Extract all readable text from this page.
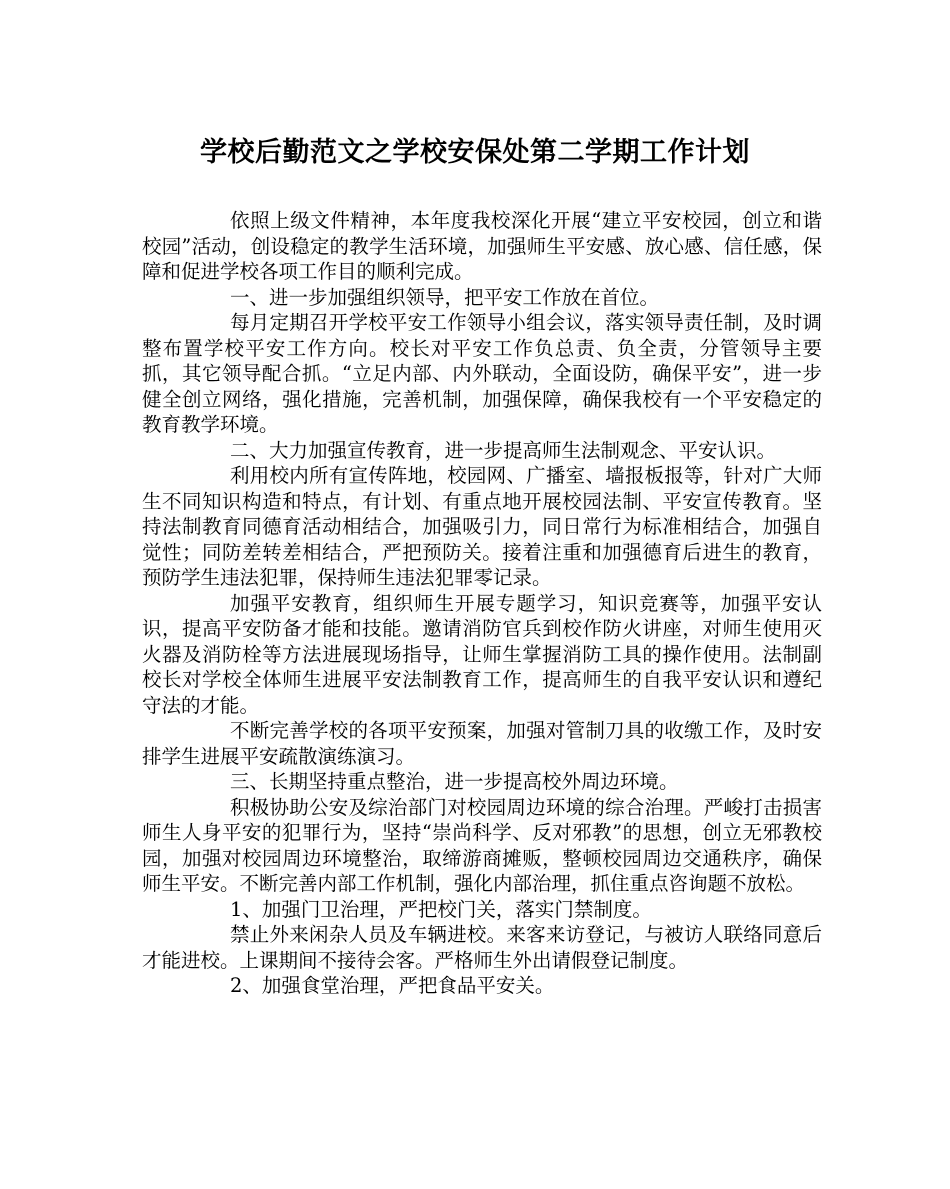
学校后勤范文之学校安保处第二学期工作计划

依照上级文件精神，本年度我校深化开展“建立平安校园，创立和谐校园”活动，创设稳定的教学生活环境，加强师生平安感、放心感、信任感，保障和促进学校各项工作目的顺利完成。

一、进一步加强组织领导，把平安工作放在首位。

每月定期召开学校平安工作领导小组会议，落实领导责任制，及时调整布置学校平安工作方向。校长对平安工作负总责、负全责，分管领导主要抓，其它领导配合抓。“立足内部、内外联动，全面设防，确保平安”，进一步健全创立网络，强化措施，完善机制，加强保障，确保我校有一个平安稳定的教育教学环境。

二、大力加强宣传教育，进一步提高师生法制观念、平安认识。

利用校内所有宣传阵地，校园网、广播室、墙报板报等，针对广大师生不同知识构造和特点，有计划、有重点地开展校园法制、平安宣传教育。坚持法制教育同德育活动相结合，加强吸引力，同日常行为标准相结合，加强自觉性；同防差转差相结合，严把预防关。接着注重和加强德育后进生的教育，预防学生违法犯罪，保持师生违法犯罪零记录。

加强平安教育，组织师生开展专题学习，知识竞赛等，加强平安认识，提高平安防备才能和技能。邀请消防官兵到校作防火讲座，对师生使用灭火器及消防栓等方法进展现场指导，让师生掌握消防工具的操作使用。法制副校长对学校全体师生进展平安法制教育工作，提高师生的自我平安认识和遵纪守法的才能。

不断完善学校的各项平安预案，加强对管制刀具的收缴工作，及时安排学生进展平安疏散演练演习。

三、长期坚持重点整治，进一步提高校外周边环境。

积极协助公安及综治部门对校园周边环境的综合治理。严峻打击损害师生人身平安的犯罪行为，坚持“崇尚科学、反对邪教”的思想，创立无邪教校园，加强对校园周边环境整治，取缔游商摊贩，整顿校园周边交通秩序，确保师生平安。不断完善内部工作机制，强化内部治理，抓住重点咨询题不放松。

1、加强门卫治理，严把校门关，落实门禁制度。

禁止外来闲杂人员及车辆进校。来客来访登记，与被访人联络同意后才能进校。上课期间不接待会客。严格师生外出请假登记制度。

2、加强食堂治理，严把食品平安关。
